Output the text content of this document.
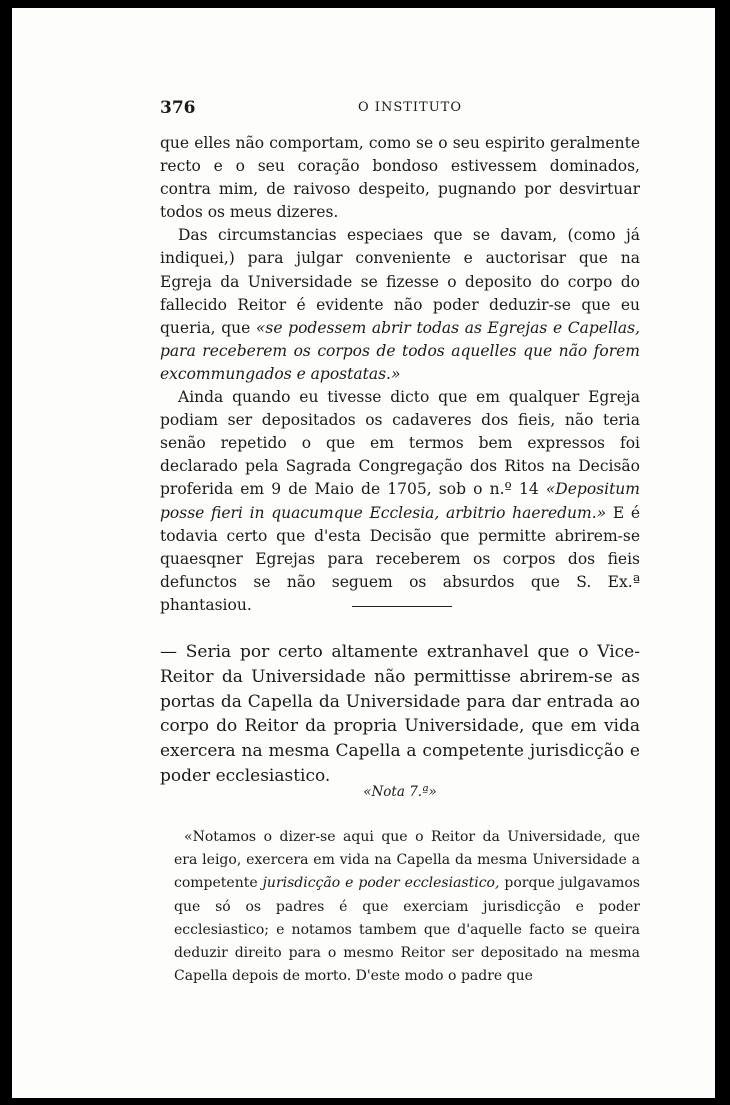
376	O INSTITUTO

que elles não comportam, como se o seu espirito geralmente recto e o seu coração bondoso estivessem dominados, contra mim, de raivoso despeito, pugnando por desvirtuar todos os meus dizeres.

Das circumstancias especiaes que se davam, (como já indiquei,) para julgar conveniente e auctorisar que na Egreja da Universidade se fizesse o deposito do corpo do fallecido Reitor é evidente não poder deduzir-se que eu queria, que «se podessem abrir todas as Egrejas e Capellas, para receberem os corpos de todos aquelles que não forem excommungados e apostatas.»

Ainda quando eu tivesse dicto que em qualquer Egreja podiam ser depositados os cadaveres dos fieis, não teria senão repetido o que em termos bem expressos foi declarado pela Sagrada Congregação dos Ritos na Decisão proferida em 9 de Maio de 1705, sob o n.º 14 «Depositum posse fieri in quacumque Ecclesia, arbitrio haeredum.» E é todavia certo que d'esta Decisão que permitte abrirem-se quaesqner Egrejas para receberem os corpos dos fieis defunctos se não seguem os absurdos que S. Ex.ª phantasiou.

— Seria por certo altamente extranhavel que o Vice-Reitor da Universidade não permittisse abrirem-se as portas da Capella da Universidade para dar entrada ao corpo do Reitor da propria Universidade, que em vida exercera na mesma Capella a competente jurisdicção e poder ecclesiastico.

«Nota 7.ª»

«Notamos o dizer-se aqui que o Reitor da Universidade, que era leigo, exercera em vida na Capella da mesma Universidade a competente jurisdicção e poder ecclesiastico, porque julgavamos que só os padres é que exerciam jurisdicção e poder ecclesiastico; e notamos tambem que d'aquelle facto se queira deduzir direito para o mesmo Reitor ser depositado na mesma Capella depois de morto. D'este modo o padre que
